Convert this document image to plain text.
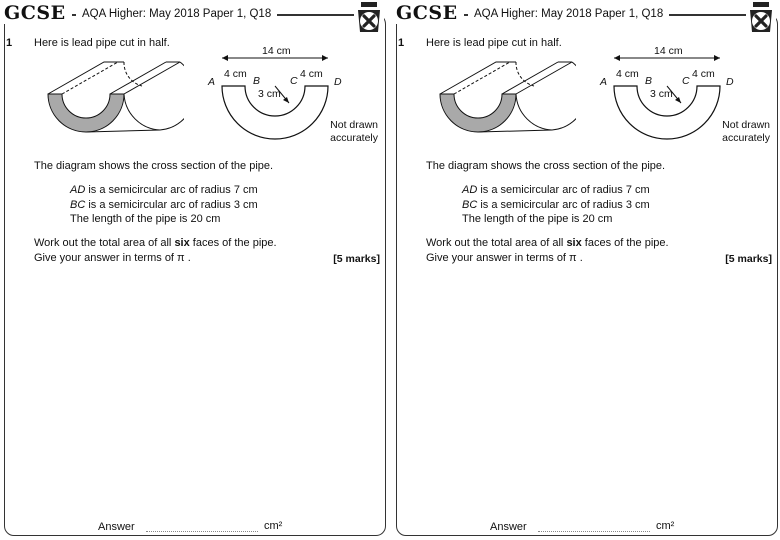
GCSE	AQA Higher: May 2018 Paper 1, Q18
1 Here is lead pipe cut in half.
14 cm
4 cm	4 cm
3 cm
A	B	C	D
Not drawn
accurately
The diagram shows the cross section of the pipe.
AD is a semicircular arc of radius 7 cm
BC is a semicircular arc of radius 3 cm
The length of the pipe is 20 cm
Work out the total area of all six faces of the pipe.
Give your answer in terms of π .	[5 marks]
Answer	cm²
GCSE	AQA Higher: May 2018 Paper 1, Q18
1 Here is lead pipe cut in half.
14 cm
4 cm	4 cm
3 cm
A	B	C	D
Not drawn
accurately
The diagram shows the cross section of the pipe.
AD is a semicircular arc of radius 7 cm
BC is a semicircular arc of radius 3 cm
The length of the pipe is 20 cm
Work out the total area of all six faces of the pipe.
Give your answer in terms of π .	[5 marks]
Answer	cm²
